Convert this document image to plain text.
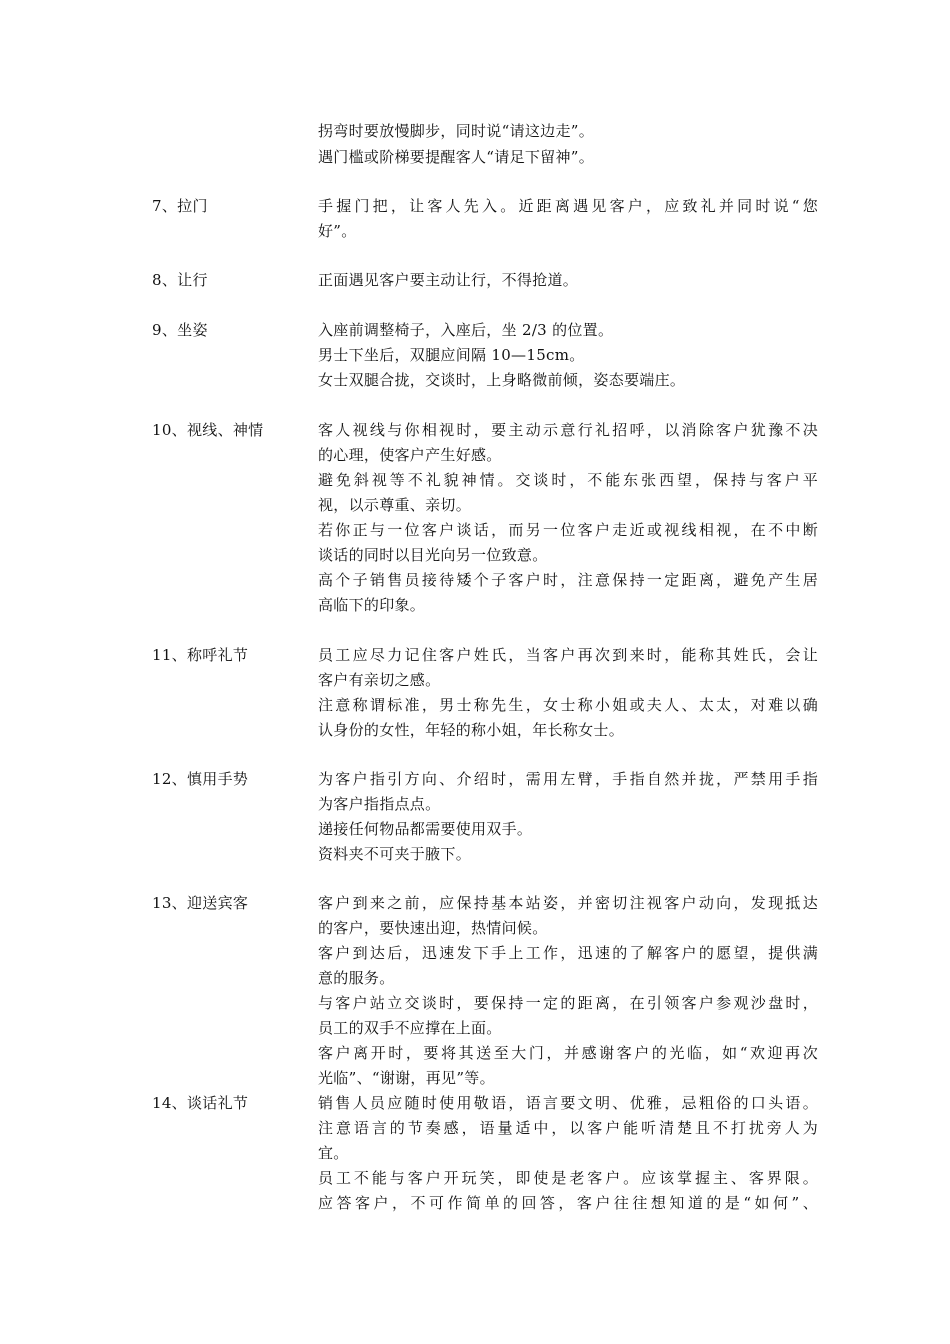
拐弯时要放慢脚步，同时说“请这边走”。
遇门槛或阶梯要提醒客人“请足下留神”。
7、拉门	手握门把，让客人先入。近距离遇见客户，应致礼并同时说“您
好”。
8、让行	正面遇见客户要主动让行，不得抢道。
9、坐姿	入座前调整椅子，入座后，坐 2/3 的位置。
男士下坐后，双腿应间隔 10—15cm。
女士双腿合拢，交谈时，上身略微前倾，姿态要端庄。
10、视线、神情	客人视线与你相视时，要主动示意行礼招呼，以消除客户犹豫不决
的心理，使客户产生好感。
避免斜视等不礼貌神情。交谈时，不能东张西望，保持与客户平
视，以示尊重、亲切。
若你正与一位客户谈话，而另一位客户走近或视线相视，在不中断
谈话的同时以目光向另一位致意。
高个子销售员接待矮个子客户时，注意保持一定距离，避免产生居
高临下的印象。
11、称呼礼节	员工应尽力记住客户姓氏，当客户再次到来时，能称其姓氏，会让
客户有亲切之感。
注意称谓标准，男士称先生，女士称小姐或夫人、太太，对难以确
认身份的女性，年轻的称小姐，年长称女士。
12、慎用手势	为客户指引方向、介绍时，需用左臂，手指自然并拢，严禁用手指
为客户指指点点。
递接任何物品都需要使用双手。
资料夹不可夹于腋下。
13、迎送宾客	客户到来之前，应保持基本站姿，并密切注视客户动向，发现抵达
的客户，要快速出迎，热情问候。
客户到达后，迅速发下手上工作，迅速的了解客户的愿望，提供满
意的服务。
与客户站立交谈时，要保持一定的距离，在引领客户参观沙盘时，
员工的双手不应撑在上面。
客户离开时，要将其送至大门，并感谢客户的光临，如“欢迎再次
光临”、“谢谢，再见”等。
14、谈话礼节	销售人员应随时使用敬语，语言要文明、优雅，忌粗俗的口头语。
注意语言的节奏感，语量适中，以客户能听清楚且不打扰旁人为
宜。
员工不能与客户开玩笑，即使是老客户。应该掌握主、客界限。
应答客户，不可作简单的回答，客户往往想知道的是“如何”、
